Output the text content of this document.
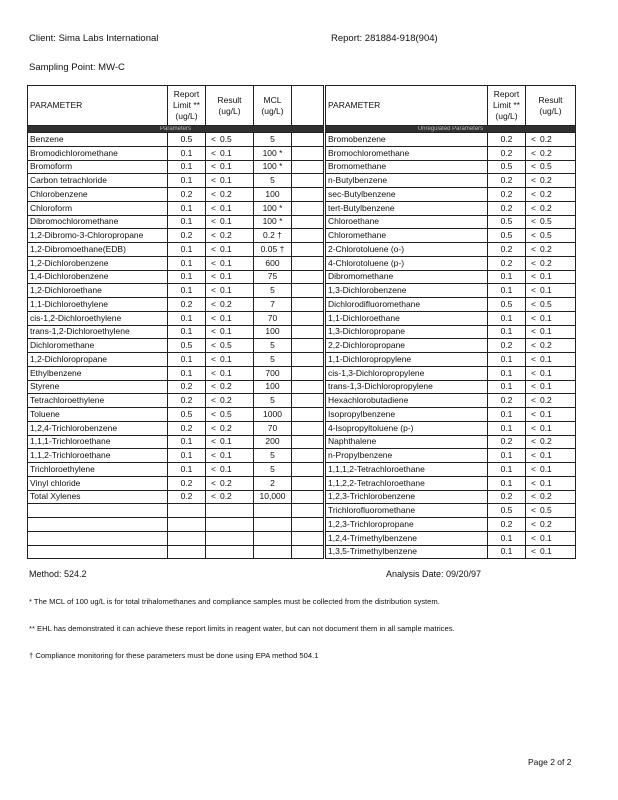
Client: Sima Labs International	Report: 281884-918(904)
Sampling Point: MW-C
PARAMETER	Report
Limit **
(ug/L)	Result
(ug/L)	MCL
(ug/L)	

Parameters				
Benzene	0.5	< 0.5	5	
Bromodichloromethane	0.1	< 0.1	100 *	
Bromoform	0.1	< 0.1	100 *	
Carbon tetrachloride	0.1	< 0.1	5	
Chlorobenzene	0.2	< 0.2	100	
Chloroform	0.1	< 0.1	100 *	
Dibromochloromethane	0.1	< 0.1	100 *	
1,2-Dibromo-3-Chloropropane	0.2	< 0.2	0.2 †	
1,2-Dibromoethane(EDB)	0.1	< 0.1	0.05 †	
1,2-Dichlorobenzene	0.1	< 0.1	600	
1,4-Dichlorobenzene	0.1	< 0.1	75	
1,2-Dichloroethane	0.1	< 0.1	5	
1,1-Dichloroethylene	0.2	< 0.2	7	
cis-1,2-Dichloroethylene	0.1	< 0.1	70	
trans-1,2-Dichloroethylene	0.1	< 0.1	100	
Dichloromethane	0.5	< 0.5	5	
1,2-Dichloropropane	0.1	< 0.1	5	
Ethylbenzene	0.1	< 0.1	700	
Styrene	0.2	< 0.2	100	
Tetrachloroethylene	0.2	< 0.2	5	
Toluene	0.5	< 0.5	1000	
1,2,4-Trichlorobenzene	0.2	< 0.2	70	
1,1,1-Trichloroethane	0.1	< 0.1	200	
1,1,2-Trichloroethane	0.1	< 0.1	5	
Trichloroethylene	0.1	< 0.1	5	
Vinyl chloride	0.2	< 0.2	2	
Total Xylenes	0.2	< 0.2	10,000	

PARAMETER	Report
Limit **
(ug/L)	Result
(ug/L)

Unregulated Parameters		
Bromobenzene	0.2	< 0.2
Bromochloromethane	0.2	< 0.2
Bromomethane	0.5	< 0.5
n-Butylbenzene	0.2	< 0.2
sec-Butylbenzene	0.2	< 0.2
tert-Butylbenzene	0.2	< 0.2
Chloroethane	0.5	< 0.5
Chloromethane	0.5	< 0.5
2-Chlorotoluene (o-)	0.2	< 0.2
4-Chlorotoluene (p-)	0.2	< 0.2
Dibromomethane	0.1	< 0.1
1,3-Dichlorobenzene	0.1	< 0.1
Dichlorodifluoromethane	0.5	< 0.5
1,1-Dichloroethane	0.1	< 0.1
1,3-Dichloropropane	0.1	< 0.1
2,2-Dichloropropane	0.2	< 0.2
1,1-Dichloropropylene	0.1	< 0.1
cis-1,3-Dichloropropylene	0.1	< 0.1
trans-1,3-Dichloropropylene	0.1	< 0.1
Hexachlorobutadiene	0.2	< 0.2
Isopropylbenzene	0.1	< 0.1
4-Isopropyltoluene (p-)	0.1	< 0.1
Naphthalene	0.2	< 0.2
n-Propylbenzene	0.1	< 0.1
1,1,1,2-Tetrachloroethane	0.1	< 0.1
1,1,2,2-Tetrachloroethane	0.1	< 0.1
1,2,3-Trichlorobenzene	0.2	< 0.2
Trichlorofluoromethane	0.5	< 0.5
1,2,3-Trichloropropane	0.2	< 0.2
1,2,4-Trimethylbenzene	0.1	< 0.1
1,3,5-Trimethylbenzene	0.1	< 0.1
Method: 524.2	Analysis Date: 09/20/97
* The MCL of 100 ug/L is for total trihalomethanes and compliance samples must be collected from the distribution system.
** EHL has demonstrated it can achieve these report limits in reagent water, but can not document them in all sample matrices.
† Compliance monitoring for these parameters must be done using EPA method 504.1
Page 2 of 2
